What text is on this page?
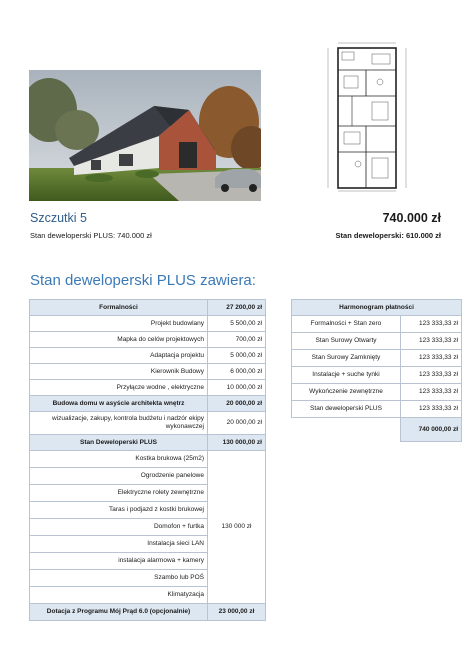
Szczutki 5
Stan deweloperski PLUS: 740.000 zł
740.000 zł
Stan deweloperski: 610.000 zł
Stan deweloperski PLUS zawiera:
Formalności	27 200,00 zł
Projekt budowlany	5 500,00 zł
Mapka do celów projektowych	700,00 zł
Adaptacja projektu	5 000,00 zł
Kierownik Budowy	6 000,00 zł
Przyłącze wodne , elektryczne	10 000,00 zł
Budowa domu w asyście architekta wnętrz	20 000,00 zł
wizualizacje, zakupy, kontrola budżetu i nadzór ekipy wykonawczej	20 000,00 zł
Stan Deweloperski PLUS	130 000,00 zł
Kostka brukowa (25m2)	130 000 zł
Ogrodzenie panelowe	
Elektryczne rolety zewnętrzne	
Taras i podjazd z kostki brukowej	
Domofon + furtka	
Instalacja sieci LAN	
instalacja alarmowa + kamery	
Szambo lub POŚ	
Klimatyzacja	
Dotacja z Programu Mój Prąd 6.0 (opcjonalnie)	23 000,00 zł
Harmonogram płatności	
Formalności + Stan zero	123 333,33 zł
Stan Surowy Otwarty	123 333,33 zł
Stan Surowy Zamknięty	123 333,33 zł
Instalacje + suche tynki	123 333,33 zł
Wykończenie zewnętrzne	123 333,33 zł
Stan deweloperski PLUS	123 333,33 zł
	740 000,00 zł
